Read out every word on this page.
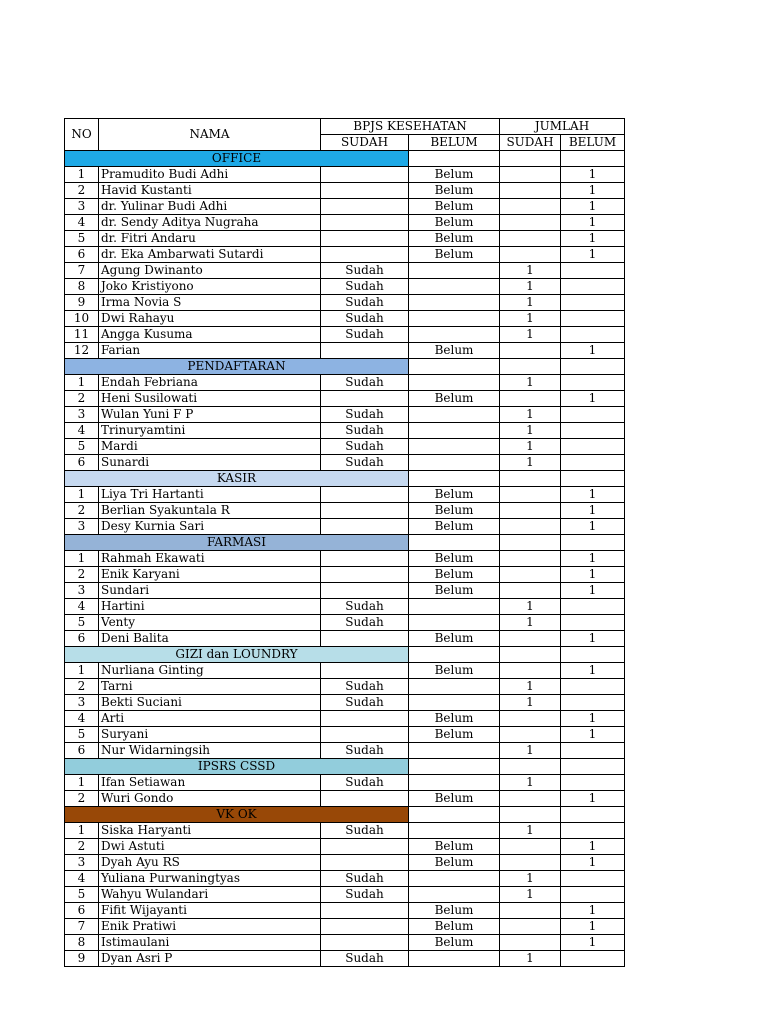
NO	NAMA	BPJS KESEHATAN		JUMLAH	
		SUDAH	BELUM	SUDAH	BELUM
OFFICE					
1	Pramudito Budi Adhi		Belum		1
2	Havid Kustanti		Belum		1
3	dr. Yulinar Budi Adhi		Belum		1
4	dr. Sendy Aditya Nugraha		Belum		1
5	dr. Fitri Andaru		Belum		1
6	dr. Eka Ambarwati Sutardi		Belum		1
7	Agung Dwinanto	Sudah		1	
8	Joko Kristiyono	Sudah		1	
9	Irma Novia S	Sudah		1	
10	Dwi Rahayu	Sudah		1	
11	Angga Kusuma	Sudah		1	
12	Farian		Belum		1
PENDAFTARAN					
1	Endah Febriana	Sudah		1	
2	Heni Susilowati		Belum		1
3	Wulan Yuni F P	Sudah		1	
4	Trinuryamtini	Sudah		1	
5	Mardi	Sudah		1	
6	Sunardi	Sudah		1	
KASIR					
1	Liya Tri Hartanti		Belum		1
2	Berlian Syakuntala R		Belum		1
3	Desy Kurnia Sari		Belum		1
FARMASI					
1	Rahmah Ekawati		Belum		1
2	Enik Karyani		Belum		1
3	Sundari		Belum		1
4	Hartini	Sudah		1	
5	Venty	Sudah		1	
6	Deni Balita		Belum		1
GIZI dan LOUNDRY					
1	Nurliana Ginting		Belum		1
2	Tarni	Sudah		1	
3	Bekti Suciani	Sudah		1	
4	Arti		Belum		1
5	Suryani		Belum		1
6	Nur Widarningsih	Sudah		1	
IPSRS CSSD					
1	Ifan Setiawan	Sudah		1	
2	Wuri Gondo		Belum		1
VK OK					
1	Siska Haryanti	Sudah		1	
2	Dwi Astuti		Belum		1
3	Dyah Ayu RS		Belum		1
4	Yuliana Purwaningtyas	Sudah		1	
5	Wahyu Wulandari	Sudah		1	
6	Fifit Wijayanti		Belum		1
7	Enik Pratiwi		Belum		1
8	Istimaulani		Belum		1
9	Dyan Asri P	Sudah		1	
